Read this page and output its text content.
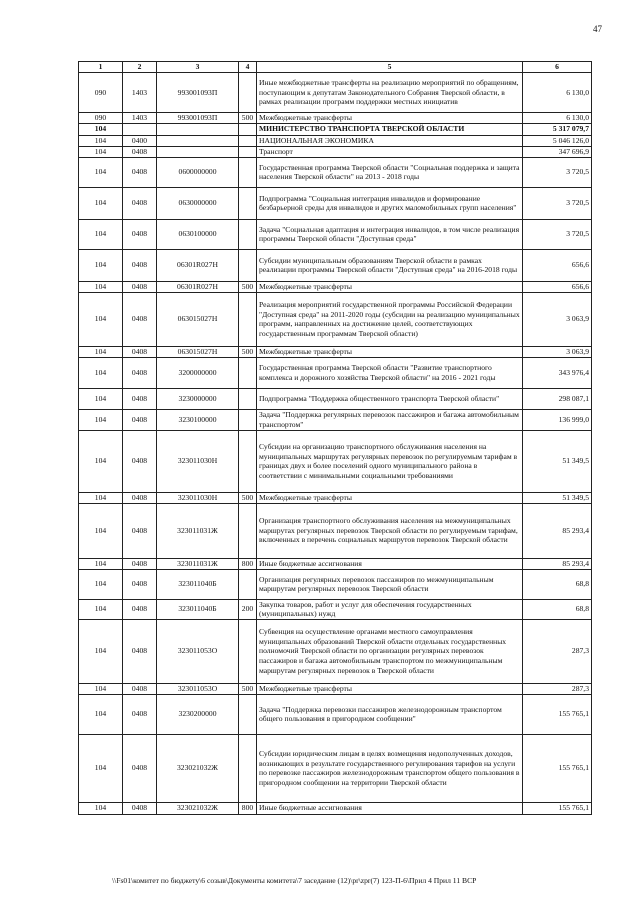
47
1	2	3	4	5	6
090	1403	993001093П		Иные межбюджетные трансферты на реализацию мероприятий по обращениям, поступающим к депутатам Законодательного Собрания Тверской области, в рамках реализации программ поддержки местных инициатив	6 130,0
090	1403	993001093П	500	Межбюджетные трансферты	6 130,0
104				МИНИСТЕРСТВО ТРАНСПОРТА ТВЕРСКОЙ ОБЛАСТИ	5 317 079,7
104	0400			НАЦИОНАЛЬНАЯ ЭКОНОМИКА	5 046 126,0
104	0408			Транспорт	347 696,9
104	0408	0600000000		Государственная программа Тверской области "Социальная поддержка и защита населения Тверской области" на 2013 - 2018 годы	3 720,5
104	0408	0630000000		Подпрограмма "Социальная интеграция инвалидов и формирование безбарьерной среды для инвалидов и других маломобильных групп населения"	3 720,5
104	0408	0630100000		Задача "Социальная адаптация и интеграция инвалидов, в том числе реализация программы Тверской области "Доступная среда"	3 720,5
104	0408	06301R027Н		Субсидии муниципальным образованиям Тверской области в рамках реализации программы Тверской области "Доступная среда" на 2016-2018 годы	656,6
104	0408	06301R027Н	500	Межбюджетные трансферты	656,6
104	0408	063015027Н		Реализация мероприятий государственной программы Российской Федерации "Доступная среда" на 2011-2020 годы (субсидии на реализацию муниципальных программ, направленных на достижение целей, соответствующих государственным программам Тверской области)	3 063,9
104	0408	063015027Н	500	Межбюджетные трансферты	3 063,9
104	0408	3200000000		Государственная программа Тверской области "Развитие транспортного комплекса и дорожного хозяйства Тверской области" на 2016 - 2021 годы	343 976,4
104	0408	3230000000		Подпрограмма "Поддержка общественного транспорта Тверской области"	298 087,1
104	0408	3230100000		Задача "Поддержка регулярных перевозок пассажиров и багажа автомобильным транспортом"	136 999,0
104	0408	323011030Н		Субсидии на организацию транспортного обслуживания населения на муниципальных маршрутах регулярных перевозок по регулируемым тарифам в границах двух и более поселений одного муниципального района в соответствии с минимальными социальными требованиями	51 349,5
104	0408	323011030Н	500	Межбюджетные трансферты	51 349,5
104	0408	323011031Ж		Организация транспортного обслуживания населения на межмуниципальных маршрутах регулярных перевозок Тверской области по регулируемым тарифам, включенных в перечень социальных маршрутов перевозок Тверской области	85 293,4
104	0408	323011031Ж	800	Иные бюджетные ассигнования	85 293,4
104	0408	323011040Б		Организация регулярных перевозок пассажиров по межмуниципальным маршрутам регулярных перевозок Тверской области	68,8
104	0408	323011040Б	200	Закупка товаров, работ и услуг для обеспечения государственных (муниципальных) нужд	68,8
104	0408	323011053О		Субвенция на осуществление органами местного самоуправления муниципальных образований Тверской области отдельных государственных полномочий Тверской области по организации регулярных перевозок пассажиров и багажа автомобильным транспортом по межмуниципальным маршрутам регулярных перевозок в Тверской области	287,3
104	0408	323011053О	500	Межбюджетные трансферты	287,3
104	0408	3230200000		Задача "Поддержка перевозки пассажиров железнодорожным транспортом общего пользования в пригородном сообщении"	155 765,1
104	0408	323021032Ж		Субсидии юридическим лицам в целях возмещения недополученных доходов, возникающих в результате государственного регулирования тарифов на услуги по перевозке пассажиров железнодорожным транспортом общего пользования в пригородном сообщении на территории Тверской области	155 765,1
104	0408	323021032Ж	800	Иные бюджетные ассигнования	155 765,1
\\Fs01\комитет по бюджету\6 созыв\Документы комитета\7 заседание (12)\pr\zpr(7) 123-П-6\Прил 4 Прил 11 ВСР
